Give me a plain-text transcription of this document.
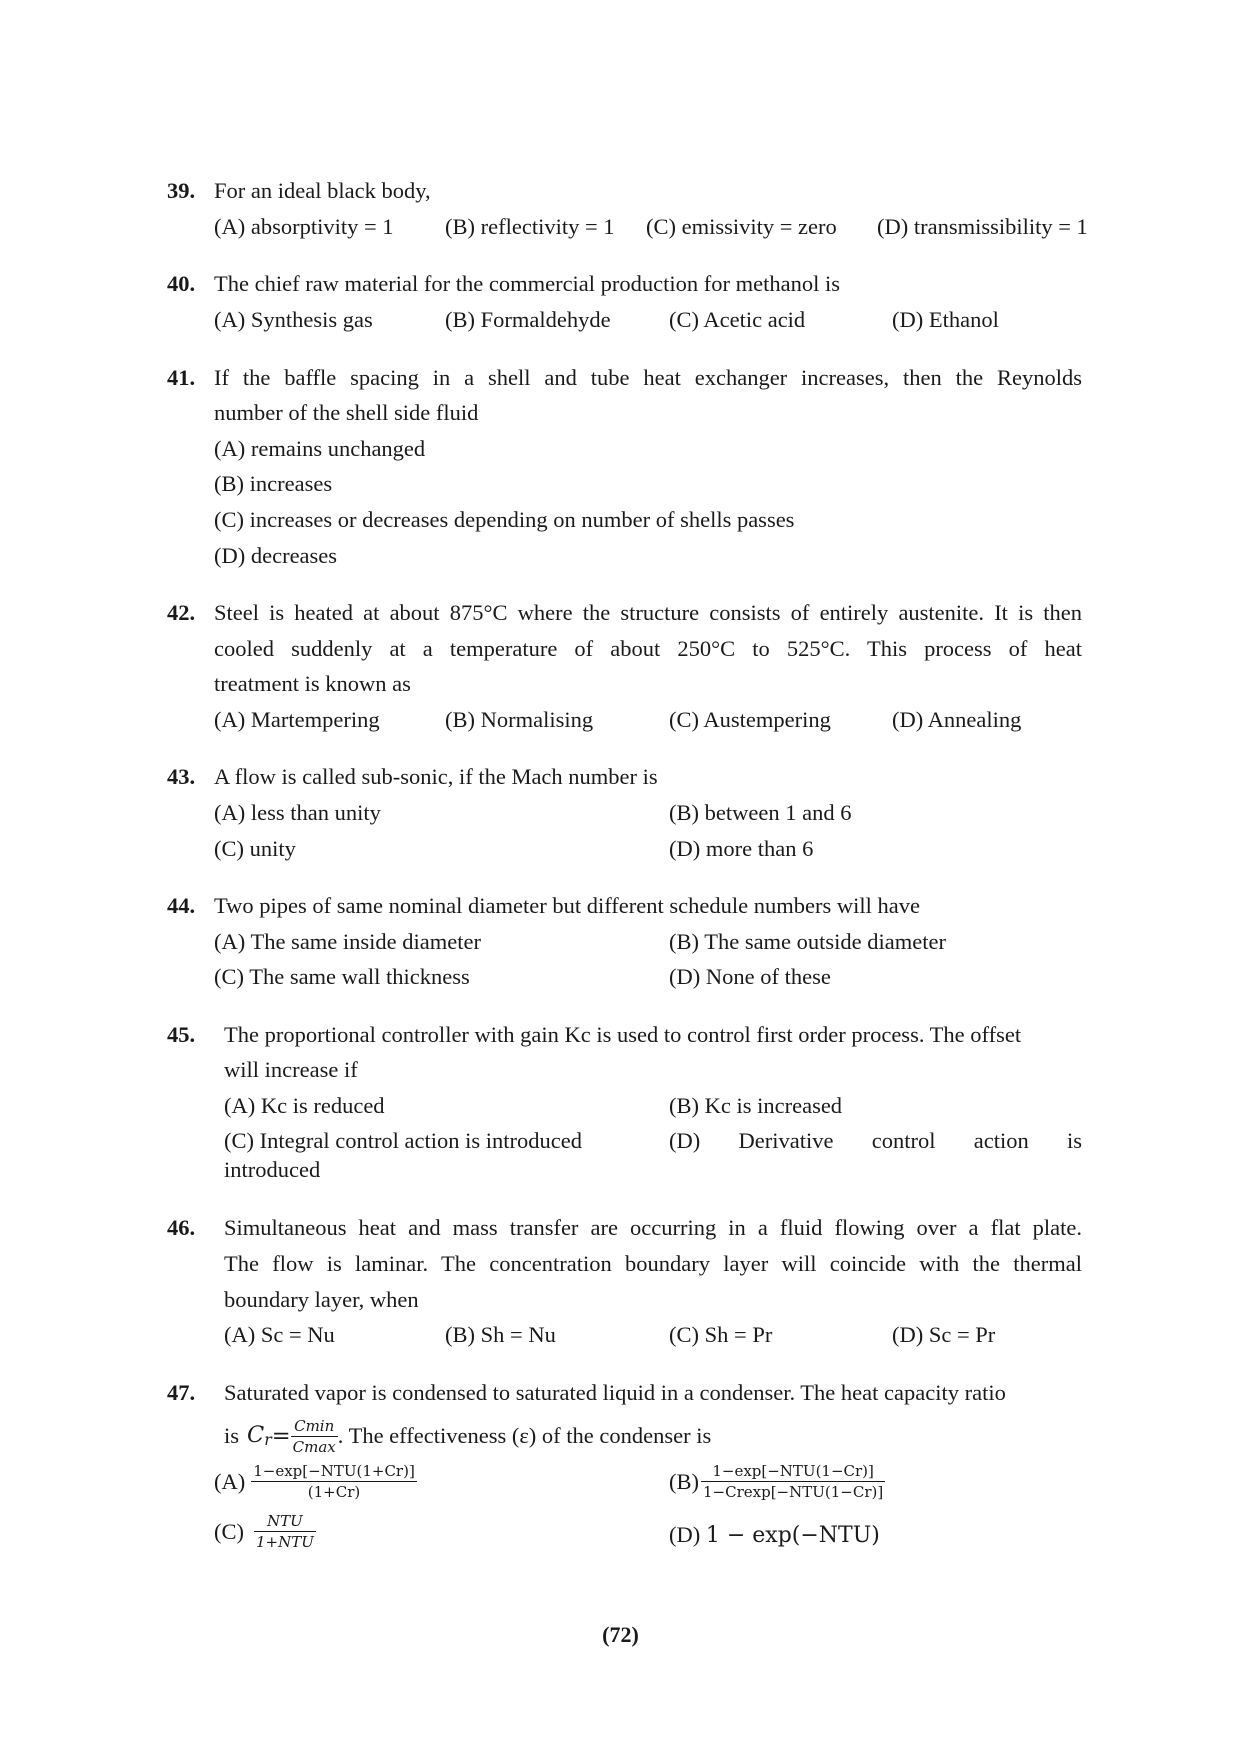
39. For an ideal black body,
(A) absorptivity = 1 (B) reflectivity = 1 (C) emissivity = zero (D) transmissibility = 1
40. The chief raw material for the commercial production for methanol is
(A) Synthesis gas	(B) Formaldehyde	(C) Acetic acid	(D) Ethanol
41. If the baffle spacing in a shell and tube heat exchanger increases, then the Reynolds
number of the shell side fluid
(A) remains unchanged
(B) increases
(C) increases or decreases depending on number of shells passes
(D) decreases
42. Steel is heated at about 875°C where the structure consists of entirely austenite. It is then
cooled suddenly at a temperature of about 250°C to 525°C. This process of heat
treatment is known as
(A) Martempering	(B) Normalising	(C) Austempering	(D) Annealing
43. A flow is called sub-sonic, if the Mach number is
(A) less than unity	(B) between 1 and 6
(C) unity	(D) more than 6
44. Two pipes of same nominal diameter but different schedule numbers will have
(A) The same inside diameter	(B) The same outside diameter
(C) The same wall thickness	(D) None of these
45. The proportional controller with gain Kc is used to control first order process. The offset
will increase if
(A) Kc is reduced	(B) Kc is increased
(C) Integral control action is introduced	(D) Derivative control action is
introduced
46. Simultaneous heat and mass transfer are occurring in a fluid flowing over a flat plate.
The flow is laminar. The concentration boundary layer will coincide with the thermal
boundary layer, when
(A) Sc = Nu	(B) Sh = Nu	(C) Sh = Pr	(D) Sc = Pr
47. Saturated vapor is condensed to saturated liquid in a condenser. The heat capacity ratio
is $Cr = \frac{Cmin}{Cmax}$ . The effectiveness (ε) of the condenser is
$(A) \frac{\text{1−exp[−NTU(1+Cr)]}}{(1+Cr)}$	$(B) \frac{\text{1−exp[−NTU(1−Cr)]}}{\text{1−Crexp[−NTU(1−Cr)]}}$
$(C) \frac{\text{NTU}}{\text{1+NTU}}$	(D) 1 − exp(−NTU)
(72)
